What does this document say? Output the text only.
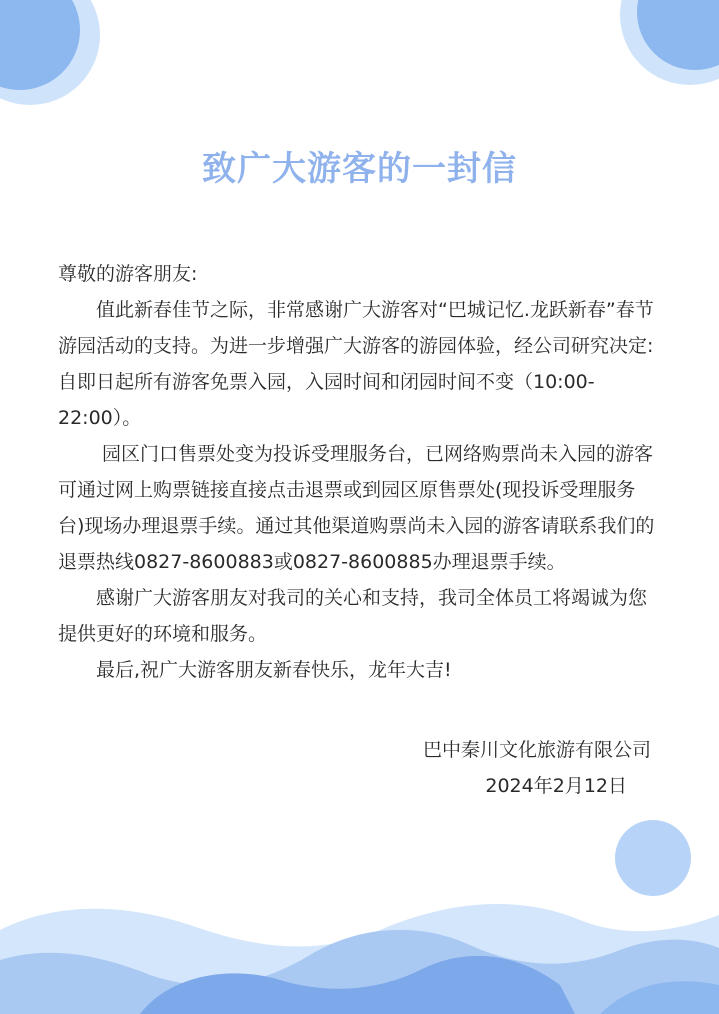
致广大游客的一封信

尊敬的游客朋友:

值此新春佳节之际，非常感谢广大游客对“巴城记忆.龙跃新春”春节游园活动的支持。为进一步增强广大游客的游园体验，经公司研究决定:自即日起所有游客免票入园，入园时间和闭园时间不变（10:00-22:00）。

园区门口售票处变为投诉受理服务台，已网络购票尚未入园的游客可通过网上购票链接直接点击退票或到园区原售票处(现投诉受理服务台)现场办理退票手续。通过其他渠道购票尚未入园的游客请联系我们的退票热线0827-8600883或0827-8600885办理退票手续。

感谢广大游客朋友对我司的关心和支持，我司全体员工将竭诚为您提供更好的环境和服务。

最后,祝广大游客朋友新春快乐，龙年大吉!

巴中秦川文化旅游有限公司
2024年2月12日
